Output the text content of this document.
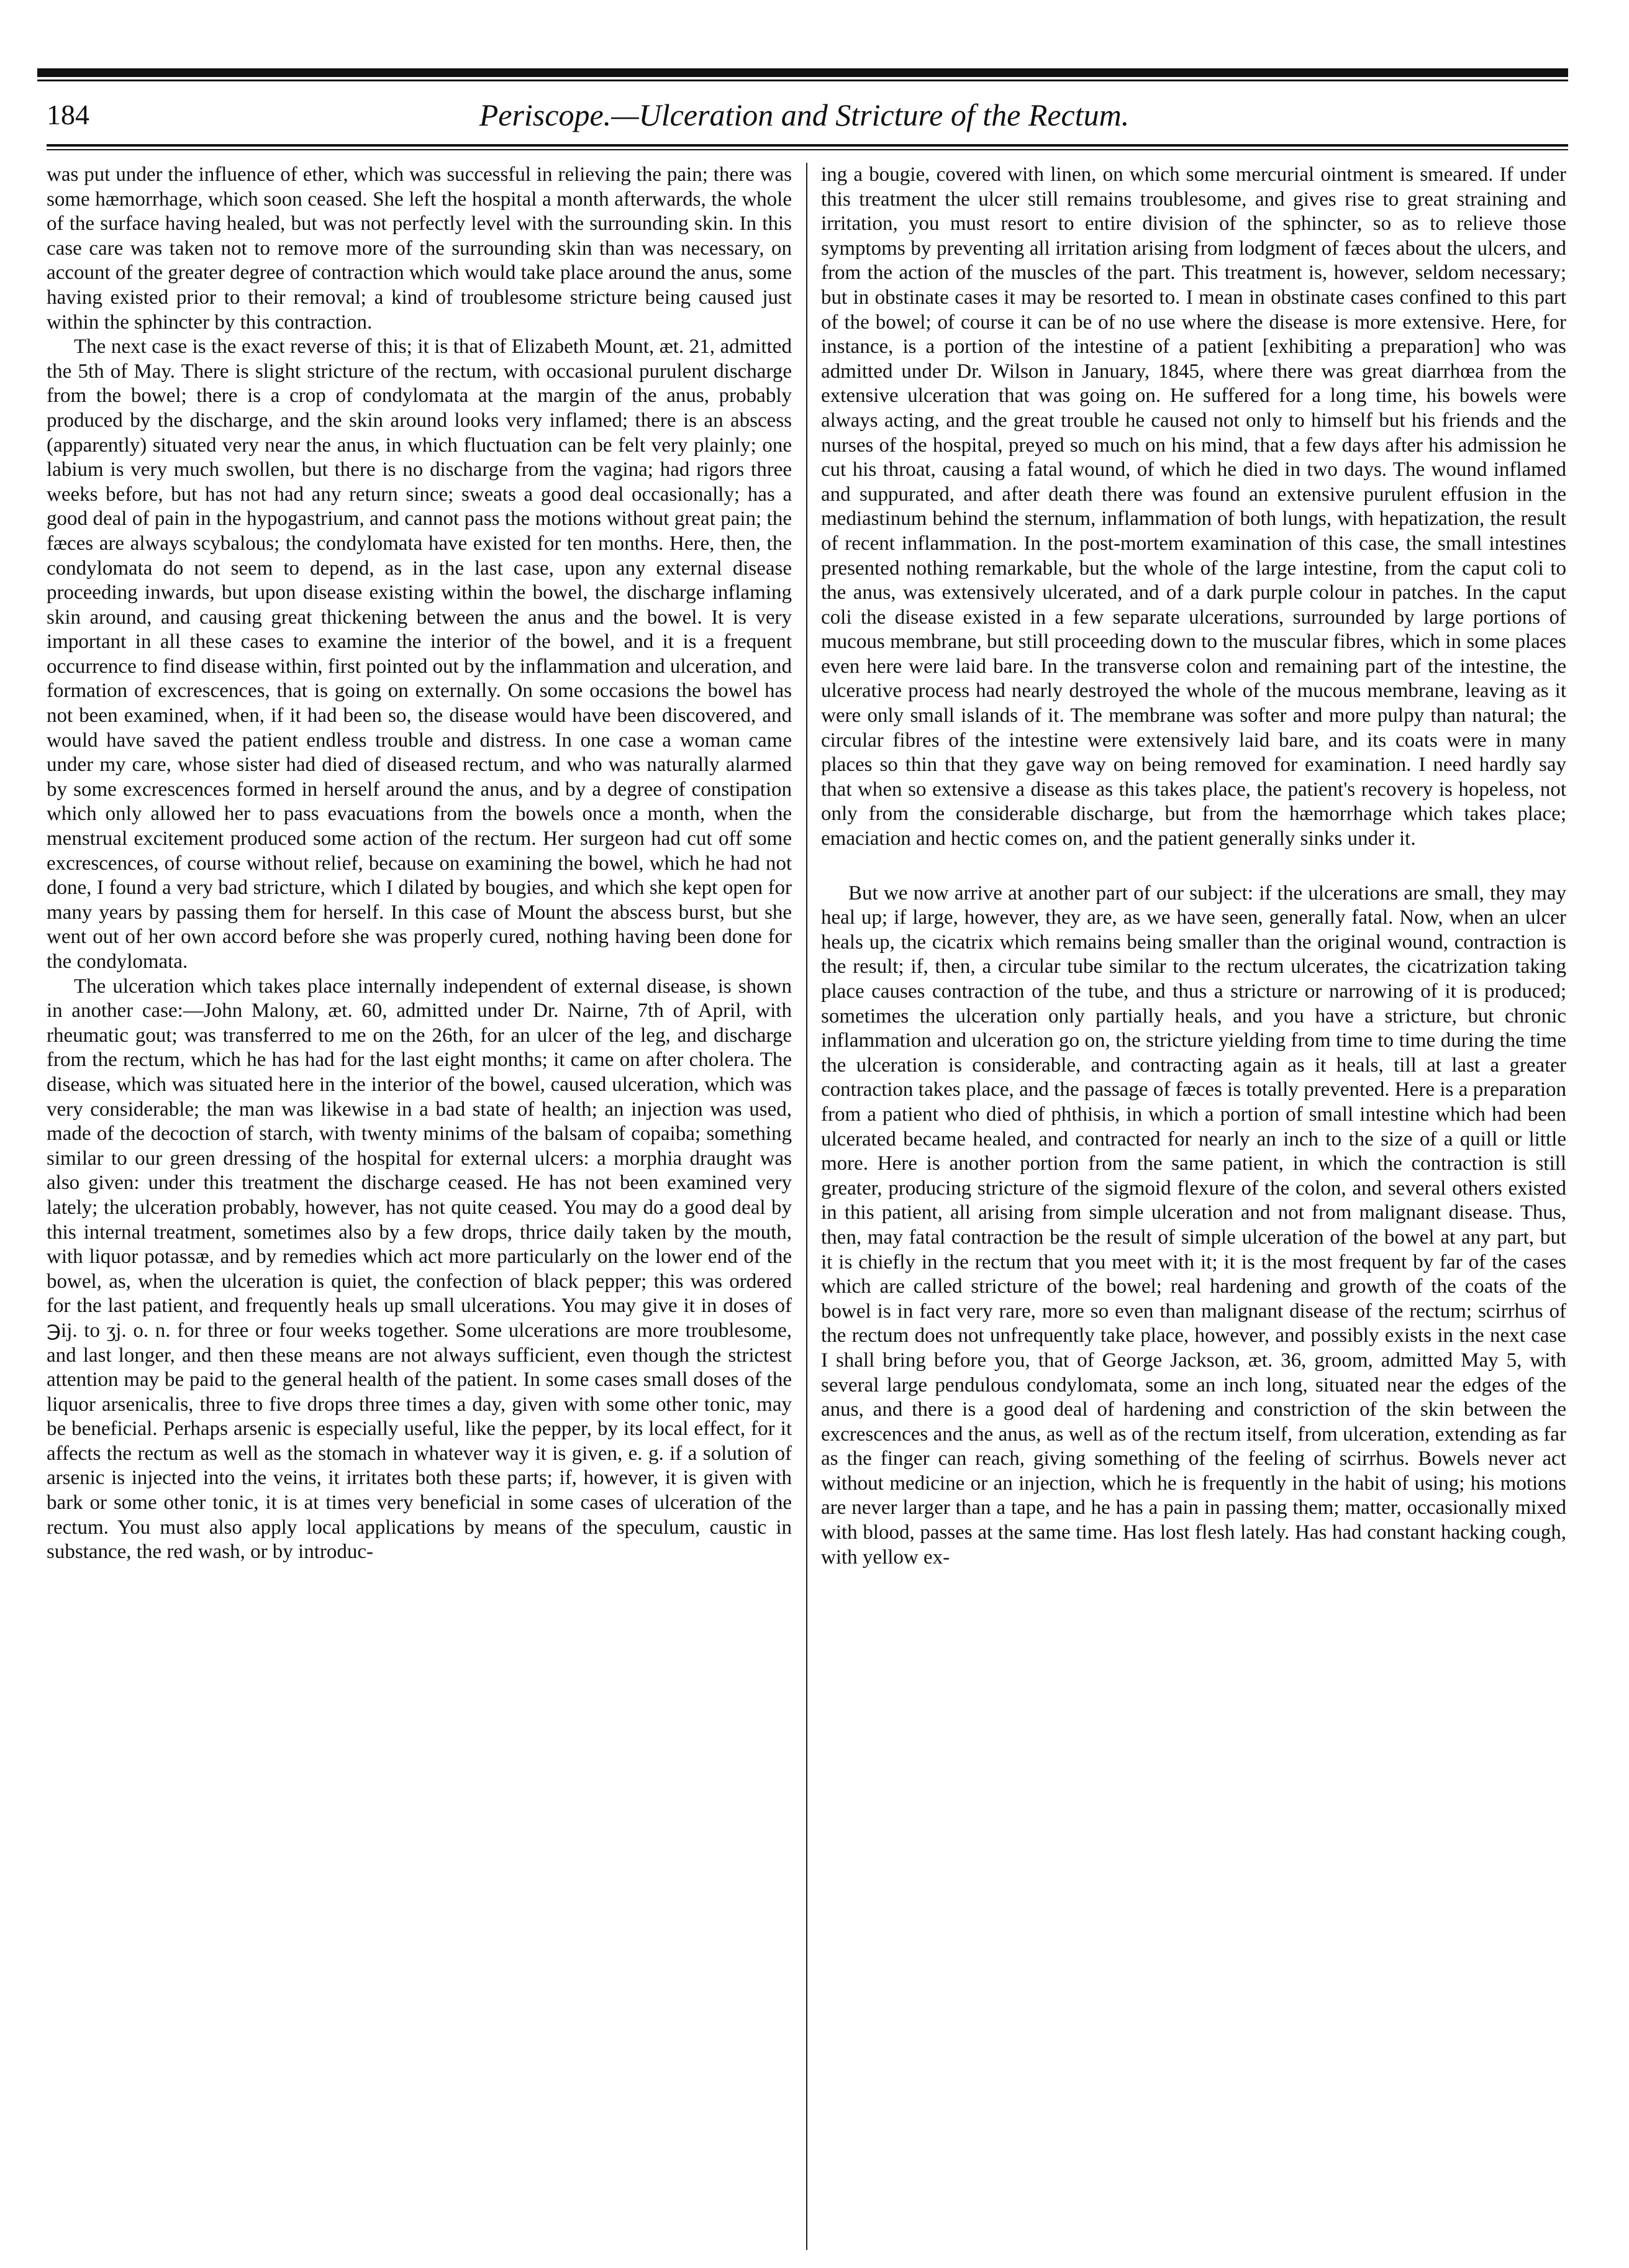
184	Periscope.—Ulceration and Stricture of the Rectum.

was put under the influence of ether, which was successful in relieving the pain; there was some hæmorrhage, which soon ceased. She left the hospital a month afterwards, the whole of the surface having healed, but was not perfectly level with the surrounding skin. In this case care was taken not to remove more of the surrounding skin than was necessary, on account of the greater degree of contraction which would take place around the anus, some having existed prior to their removal; a kind of troublesome stricture being caused just within the sphincter by this contraction.

The next case is the exact reverse of this; it is that of Elizabeth Mount, æt. 21, admitted the 5th of May. There is slight stricture of the rectum, with occasional purulent discharge from the bowel; there is a crop of condylomata at the margin of the anus, probably produced by the discharge, and the skin around looks very inflamed; there is an abscess (apparently) situated very near the anus, in which fluctuation can be felt very plainly; one labium is very much swollen, but there is no discharge from the vagina; had rigors three weeks before, but has not had any return since; sweats a good deal occasionally; has a good deal of pain in the hypogastrium, and cannot pass the motions without great pain; the fæces are always scybalous; the condylomata have existed for ten months. Here, then, the condylomata do not seem to depend, as in the last case, upon any external disease proceeding inwards, but upon disease existing within the bowel, the discharge inflaming skin around, and causing great thickening between the anus and the bowel. It is very important in all these cases to examine the interior of the bowel, and it is a frequent occurrence to find disease within, first pointed out by the inflammation and ulceration, and formation of excrescences, that is going on externally. On some occasions the bowel has not been examined, when, if it had been so, the disease would have been discovered, and would have saved the patient endless trouble and distress. In one case a woman came under my care, whose sister had died of diseased rectum, and who was naturally alarmed by some excrescences formed in herself around the anus, and by a degree of constipation which only allowed her to pass evacuations from the bowels once a month, when the menstrual excitement produced some action of the rectum. Her surgeon had cut off some excrescences, of course without relief, because on examining the bowel, which he had not done, I found a very bad stricture, which I dilated by bougies, and which she kept open for many years by passing them for herself. In this case of Mount the abscess burst, but she went out of her own accord before she was properly cured, nothing having been done for the condylomata.

The ulceration which takes place internally independent of external disease, is shown in another case:—John Malony, æt. 60, admitted under Dr. Nairne, 7th of April, with rheumatic gout; was transferred to me on the 26th, for an ulcer of the leg, and discharge from the rectum, which he has had for the last eight months; it came on after cholera. The disease, which was situated here in the interior of the bowel, caused ulceration, which was very considerable; the man was likewise in a bad state of health; an injection was used, made of the decoction of starch, with twenty minims of the balsam of copaiba; something similar to our green dressing of the hospital for external ulcers: a morphia draught was also given: under this treatment the discharge ceased. He has not been examined very lately; the ulceration probably, however, has not quite ceased. You may do a good deal by this internal treatment, sometimes also by a few drops, thrice daily taken by the mouth, with liquor potassæ, and by remedies which act more particularly on the lower end of the bowel, as, when the ulceration is quiet, the confection of black pepper; this was ordered for the last patient, and frequently heals up small ulcerations. You may give it in doses of ℈ij. to ʒj. o. n. for three or four weeks together. Some ulcerations are more troublesome, and last longer, and then these means are not always sufficient, even though the strictest attention may be paid to the general health of the patient. In some cases small doses of the liquor arsenicalis, three to five drops three times a day, given with some other tonic, may be beneficial. Perhaps arsenic is especially useful, like the pepper, by its local effect, for it affects the rectum as well as the stomach in whatever way it is given, e. g. if a solution of arsenic is injected into the veins, it irritates both these parts; if, however, it is given with bark or some other tonic, it is at times very beneficial in some cases of ulceration of the rectum. You must also apply local applications by means of the speculum, caustic in substance, the red wash, or by introduc-

ing a bougie, covered with linen, on which some mercurial ointment is smeared. If under this treatment the ulcer still remains troublesome, and gives rise to great straining and irritation, you must resort to entire division of the sphincter, so as to relieve those symptoms by preventing all irritation arising from lodgment of fæces about the ulcers, and from the action of the muscles of the part. This treatment is, however, seldom necessary; but in obstinate cases it may be resorted to. I mean in obstinate cases confined to this part of the bowel; of course it can be of no use where the disease is more extensive. Here, for instance, is a portion of the intestine of a patient [exhibiting a preparation] who was admitted under Dr. Wilson in January, 1845, where there was great diarrhœa from the extensive ulceration that was going on. He suffered for a long time, his bowels were always acting, and the great trouble he caused not only to himself but his friends and the nurses of the hospital, preyed so much on his mind, that a few days after his admission he cut his throat, causing a fatal wound, of which he died in two days. The wound inflamed and suppurated, and after death there was found an extensive purulent effusion in the mediastinum behind the sternum, inflammation of both lungs, with hepatization, the result of recent inflammation. In the post-mortem examination of this case, the small intestines presented nothing remarkable, but the whole of the large intestine, from the caput coli to the anus, was extensively ulcerated, and of a dark purple colour in patches. In the caput coli the disease existed in a few separate ulcerations, surrounded by large portions of mucous membrane, but still proceeding down to the muscular fibres, which in some places even here were laid bare. In the transverse colon and remaining part of the intestine, the ulcerative process had nearly destroyed the whole of the mucous membrane, leaving as it were only small islands of it. The membrane was softer and more pulpy than natural; the circular fibres of the intestine were extensively laid bare, and its coats were in many places so thin that they gave way on being removed for examination. I need hardly say that when so extensive a disease as this takes place, the patient's recovery is hopeless, not only from the considerable discharge, but from the hæmorrhage which takes place; emaciation and hectic comes on, and the patient generally sinks under it.

But we now arrive at another part of our subject: if the ulcerations are small, they may heal up; if large, however, they are, as we have seen, generally fatal. Now, when an ulcer heals up, the cicatrix which remains being smaller than the original wound, contraction is the result; if, then, a circular tube similar to the rectum ulcerates, the cicatrization taking place causes contraction of the tube, and thus a stricture or narrowing of it is produced; sometimes the ulceration only partially heals, and you have a stricture, but chronic inflammation and ulceration go on, the stricture yielding from time to time during the time the ulceration is considerable, and contracting again as it heals, till at last a greater contraction takes place, and the passage of fæces is totally prevented. Here is a preparation from a patient who died of phthisis, in which a portion of small intestine which had been ulcerated became healed, and contracted for nearly an inch to the size of a quill or little more. Here is another portion from the same patient, in which the contraction is still greater, producing stricture of the sigmoid flexure of the colon, and several others existed in this patient, all arising from simple ulceration and not from malignant disease. Thus, then, may fatal contraction be the result of simple ulceration of the bowel at any part, but it is chiefly in the rectum that you meet with it; it is the most frequent by far of the cases which are called stricture of the bowel; real hardening and growth of the coats of the bowel is in fact very rare, more so even than malignant disease of the rectum; scirrhus of the rectum does not unfrequently take place, however, and possibly exists in the next case I shall bring before you, that of George Jackson, æt. 36, groom, admitted May 5, with several large pendulous condylomata, some an inch long, situated near the edges of the anus, and there is a good deal of hardening and constriction of the skin between the excrescences and the anus, as well as of the rectum itself, from ulceration, extending as far as the finger can reach, giving something of the feeling of scirrhus. Bowels never act without medicine or an injection, which he is frequently in the habit of using; his motions are never larger than a tape, and he has a pain in passing them; matter, occasionally mixed with blood, passes at the same time. Has lost flesh lately. Has had constant hacking cough, with yellow ex-
